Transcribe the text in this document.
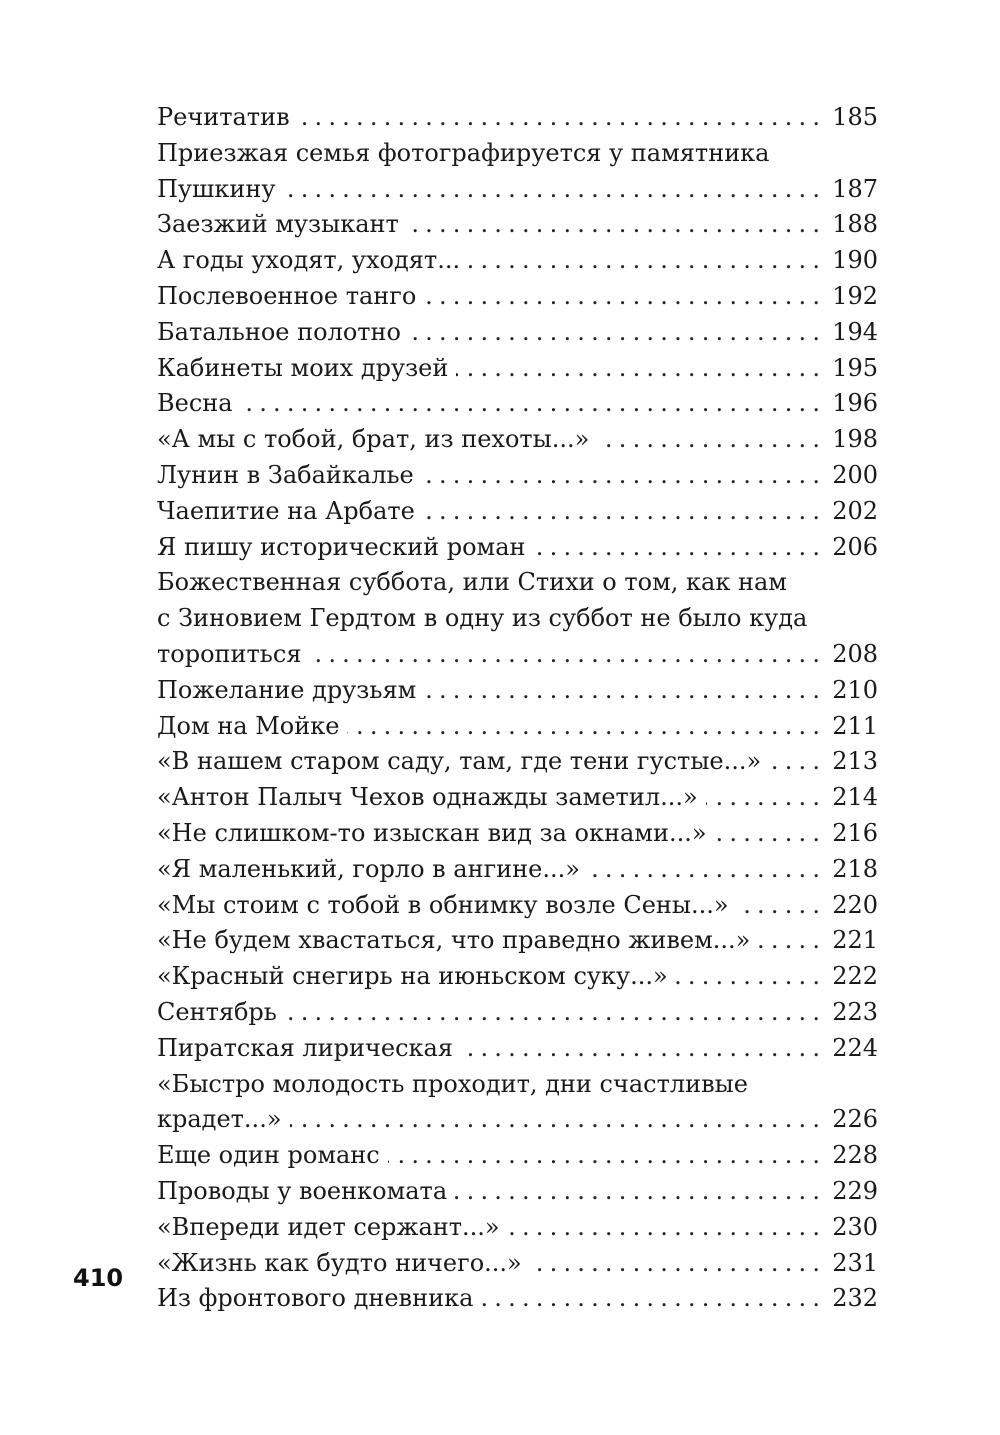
Речитатив .....	185
Приезжая семья фотографируется у памятника
Пушкину .....	187
Заезжий музыкант .....	188
А годы уходят, уходят... .....	190
Послевоенное танго .....	192
Батальное полотно .....	194
Кабинеты моих друзей .....	195
Весна .....	196
«А мы с тобой, брат, из пехоты...» .....	198
Лунин в Забайкалье .....	200
Чаепитие на Арбате .....	202
Я пишу исторический роман .....	206
Божественная суббота, или Стихи о том, как нам
с Зиновием Гердтом в одну из суббот не было куда
торопиться .....	208
Пожелание друзьям .....	210
Дом на Мойке .....	211
«В нашем старом саду, там, где тени густые...» .....	213
«Антон Палыч Чехов однажды заметил...» .....	214
«Не слишком-то изыскан вид за окнами...» .....	216
«Я маленький, горло в ангине...» .....	218
«Мы стоим с тобой в обнимку возле Сены...» .....	220
«Не будем хвастаться, что праведно живем...» .....	221
«Красный снегирь на июньском суку...» .....	222
Сентябрь .....	223
Пиратская лирическая .....	224
«Быстро молодость проходит, дни счастливые
крадет...» .....	226
Еще один романс .....	228
Проводы у военкомата .....	229
«Впереди идет сержант...» .....	230
«Жизнь как будто ничего...» .....	231
Из фронтового дневника .....	232
410
